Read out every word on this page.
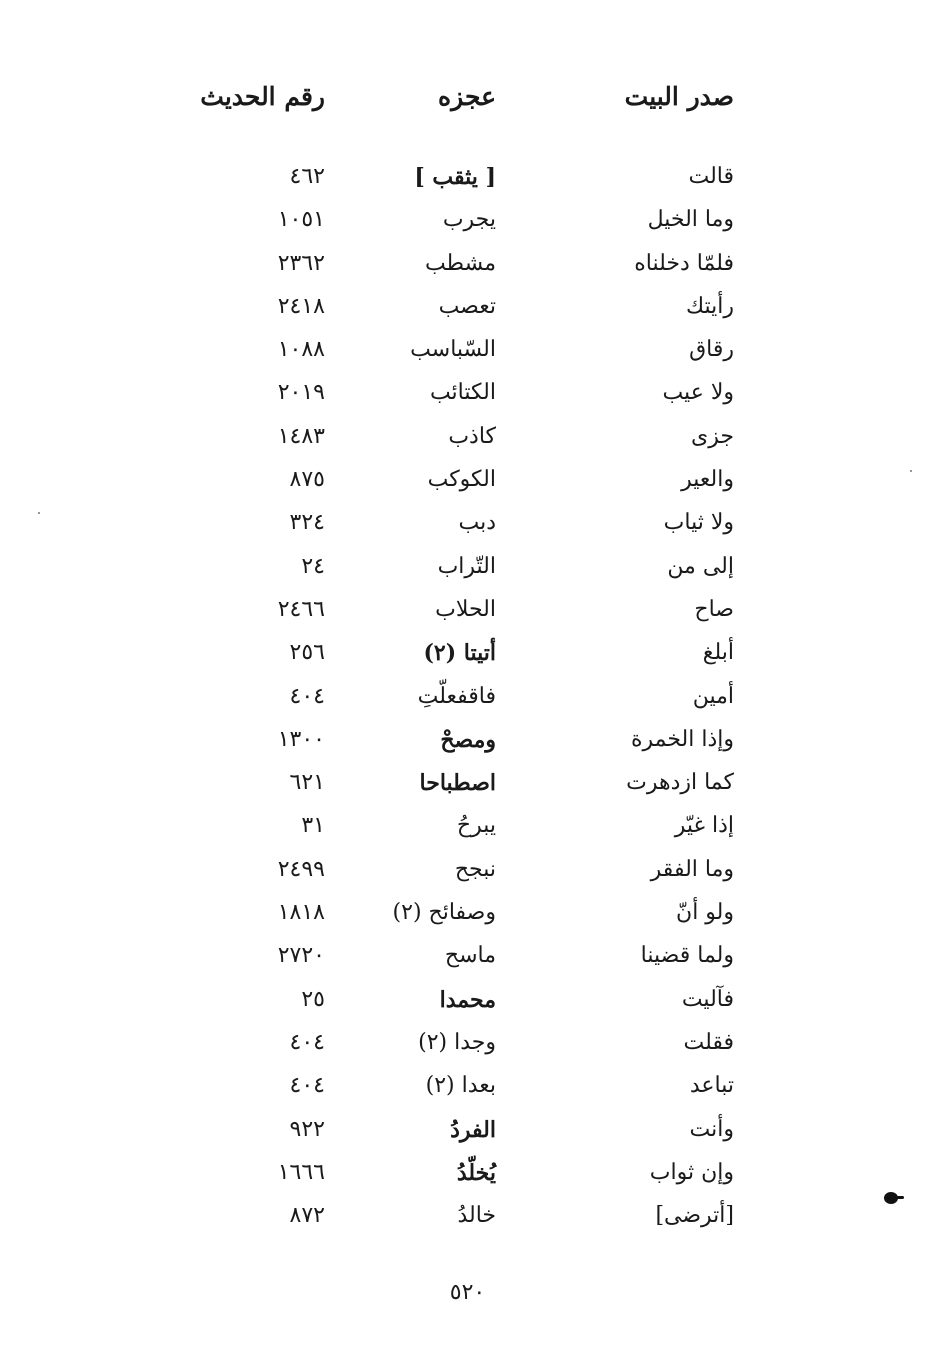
صدر البيت
عجزه
رقم الحديث
قالت
[ يثقب ]
٤٦٢
وما الخيل
يجرب
١٠٥١
فلمّا دخلناه
مشطب
٢٣٦٢
رأيتك
تعصب
٢٤١٨
رقاق
السّباسب
١٠٨٨
ولا عيب
الكتائب
٢٠١٩
جزى
كاذب
١٤٨٣
والعير
الكوكب
٨٧٥
ولا ثياب
دبب
٣٢٤
إلى من
التّراب
٢٤
صاح
الحلاب
٢٤٦٦
أبلغ
أتيتا (٢)
٢٥٦
أمين
فاقفعلّتِ
٤٠٤
وإذا الخمرة
ومصحْ
١٣٠٠
كما ازدهرت
اصطباحا
٦٢١
إذا غيّر
يبرحُ
٣١
وما الفقر
نبجح
٢٤٩٩
ولو أنّ
وصفائح (٢)
١٨١٨
ولما قضينا
ماسح
٢٧٢٠
فآليت
محمدا
٢٥
فقلت
وجدا (٢)
٤٠٤
تباعد
بعدا (٢)
٤٠٤
وأنت
الفردُ
٩٢٢
وإن ثواب
يُخلّدُ
١٦٦٦
[أترضى]
خالدُ
٨٧٢
٥٢٠
